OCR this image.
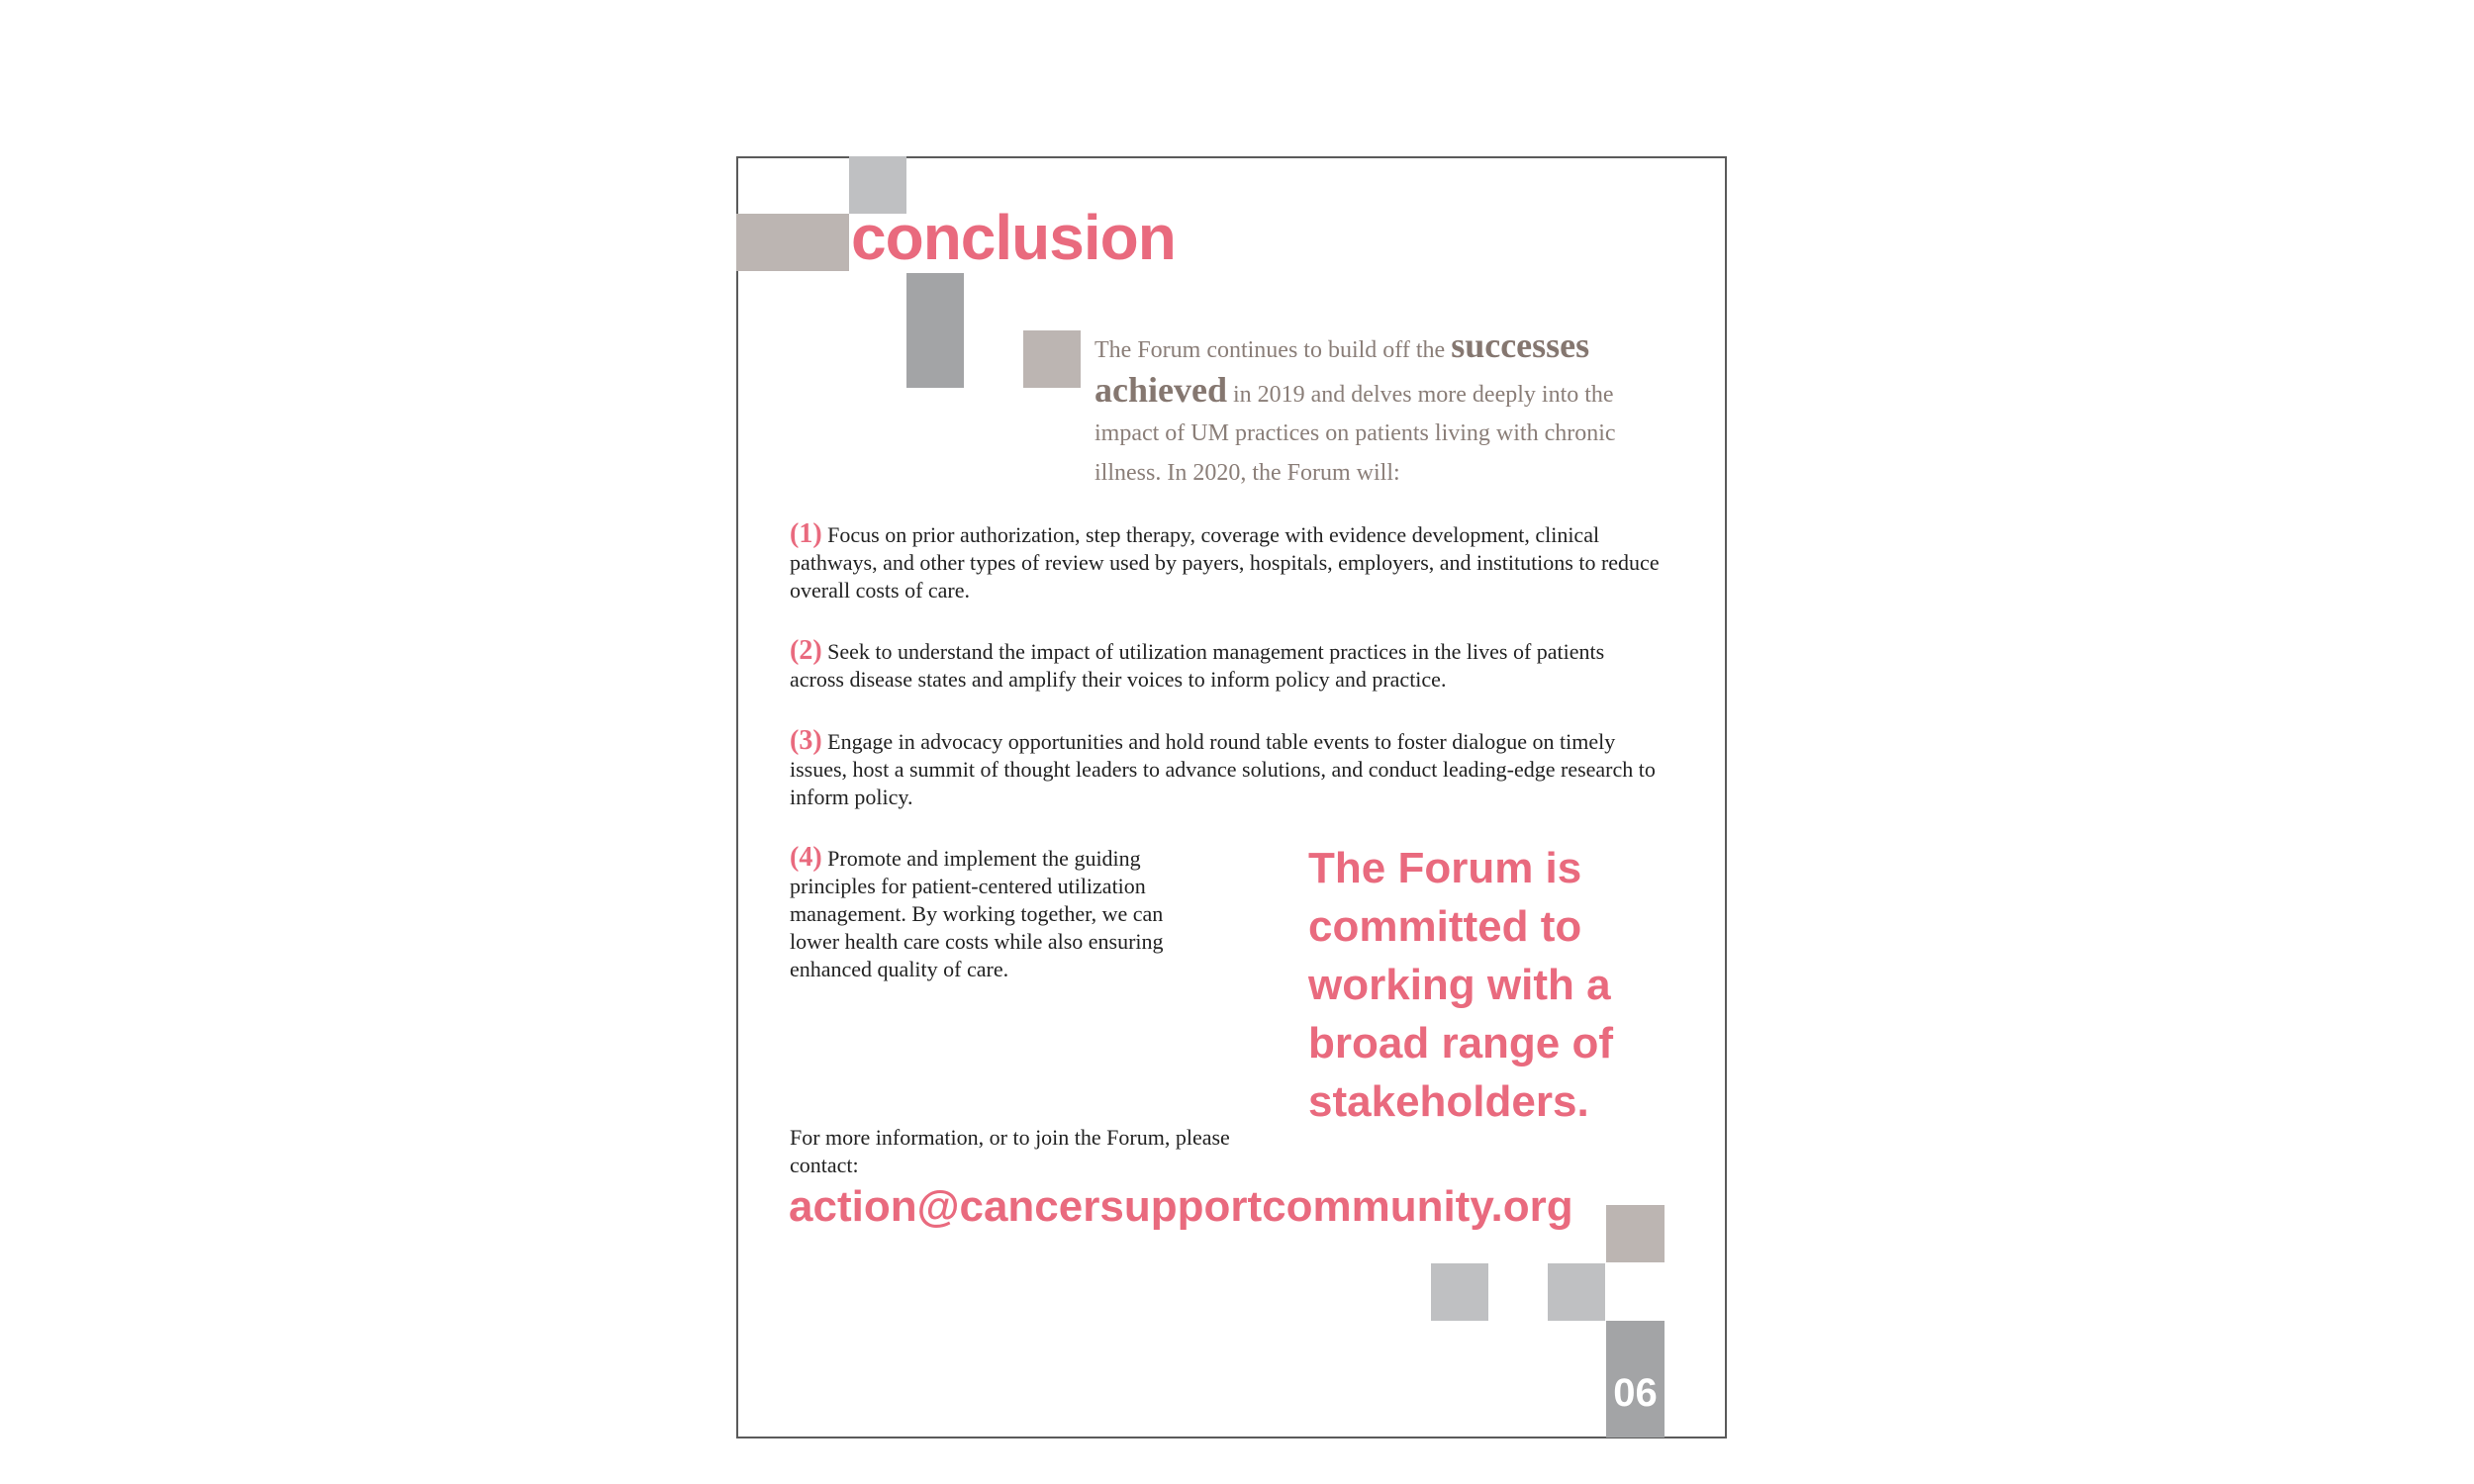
conclusion
The Forum continues to build off the successes achieved in 2019 and delves more deeply into the impact of UM practices on patients living with chronic illness. In 2020, the Forum will:
(1) Focus on prior authorization, step therapy, coverage with evidence development, clinical pathways, and other types of review used by payers, hospitals, employers, and institutions to reduce overall costs of care.
(2) Seek to understand the impact of utilization management practices in the lives of patients across disease states and amplify their voices to inform policy and practice.
(3) Engage in advocacy opportunities and hold round table events to foster dialogue on timely issues, host a summit of thought leaders to advance solutions, and conduct leading-edge research to inform policy.
(4) Promote and implement the guiding principles for patient-centered utilization management. By working together, we can lower health care costs while also ensuring enhanced quality of care.
The Forum is committed to working with a broad range of stakeholders.
For more information, or to join the Forum, please contact:
action@cancersupportcommunity.org
06
